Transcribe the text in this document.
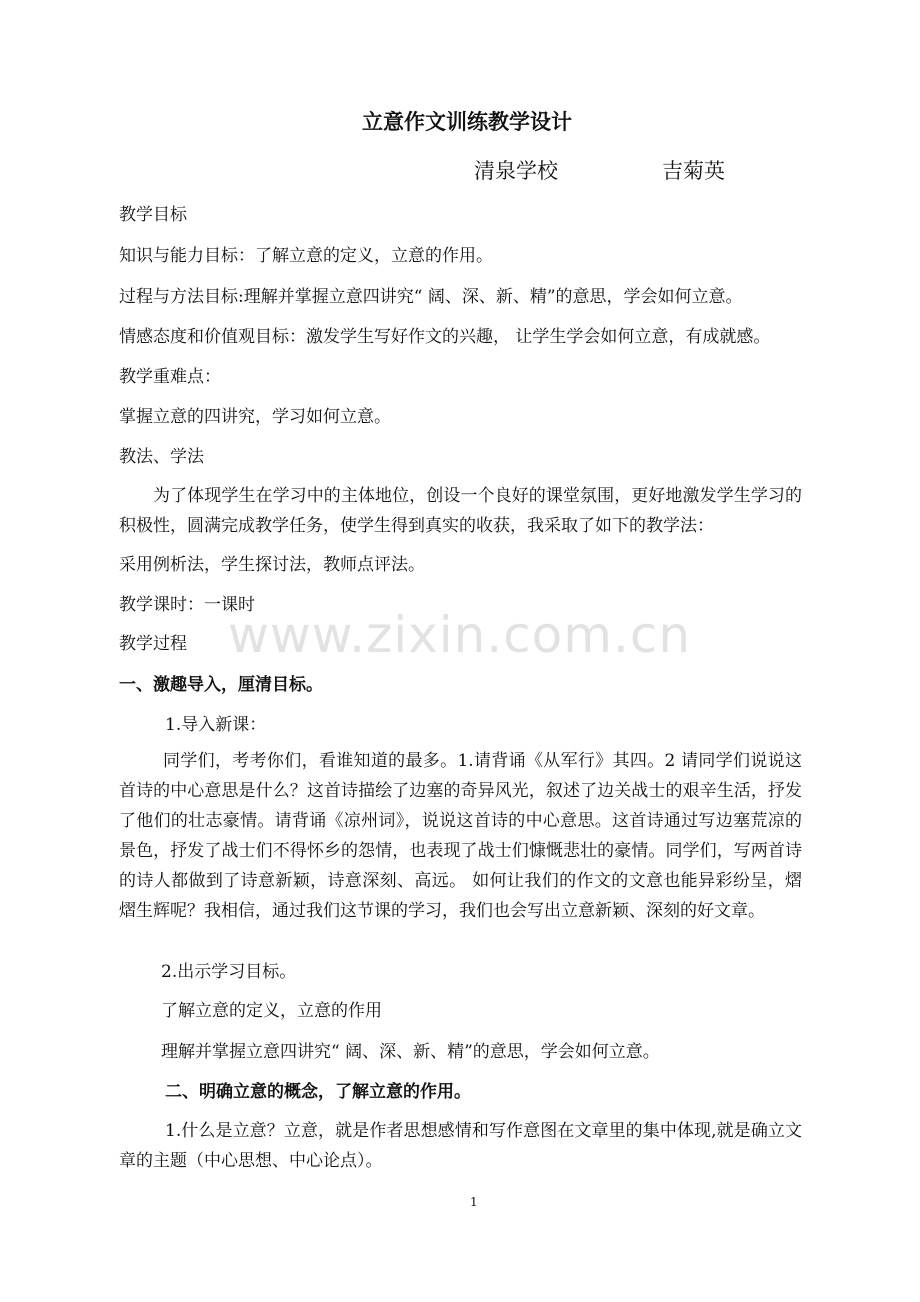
立意作文训练教学设计
清泉学校	吉菊英
教学目标
知识与能力目标：了解立意的定义，立意的作用。
过程与方法目标:理解并掌握立意四讲究“ 阔、深、新、精”的意思，学会如何立意。
情感态度和价值观目标：激发学生写好作文的兴趣， 让学生学会如何立意，有成就感。
教学重难点：
掌握立意的四讲究，学习如何立意。
教法、学法
为了体现学生在学习中的主体地位，创设一个良好的课堂氛围，更好地激发学生学习的积极性，圆满完成教学任务，使学生得到真实的收获，我采取了如下的教学法：
采用例析法，学生探讨法，教师点评法。
教学课时：一课时
教学过程
一、激趣导入，厘清目标。
1.导入新课：
同学们，考考你们，看谁知道的最多。1.请背诵《从军行》其四。2 请同学们说说这首诗的中心意思是什么？这首诗描绘了边塞的奇异风光，叙述了边关战士的艰辛生活，抒发了他们的壮志豪情。请背诵《凉州词》，说说这首诗的中心意思。这首诗通过写边塞荒凉的景色，抒发了战士们不得怀乡的怨情，也表现了战士们慷慨悲壮的豪情。同学们，写两首诗的诗人都做到了诗意新颖，诗意深刻、高远。 如何让我们的作文的文意也能异彩纷呈，熠熠生辉呢？我相信，通过我们这节课的学习，我们也会写出立意新颖、深刻的好文章。
2.出示学习目标。
了解立意的定义，立意的作用
理解并掌握立意四讲究“ 阔、深、新、精”的意思，学会如何立意。
二、明确立意的概念，了解立意的作用。
1.什么是立意？立意，就是作者思想感情和写作意图在文章里的集中体现,就是确立文章的主题（中心思想、中心论点）。
www.zixin.com.cn
1
